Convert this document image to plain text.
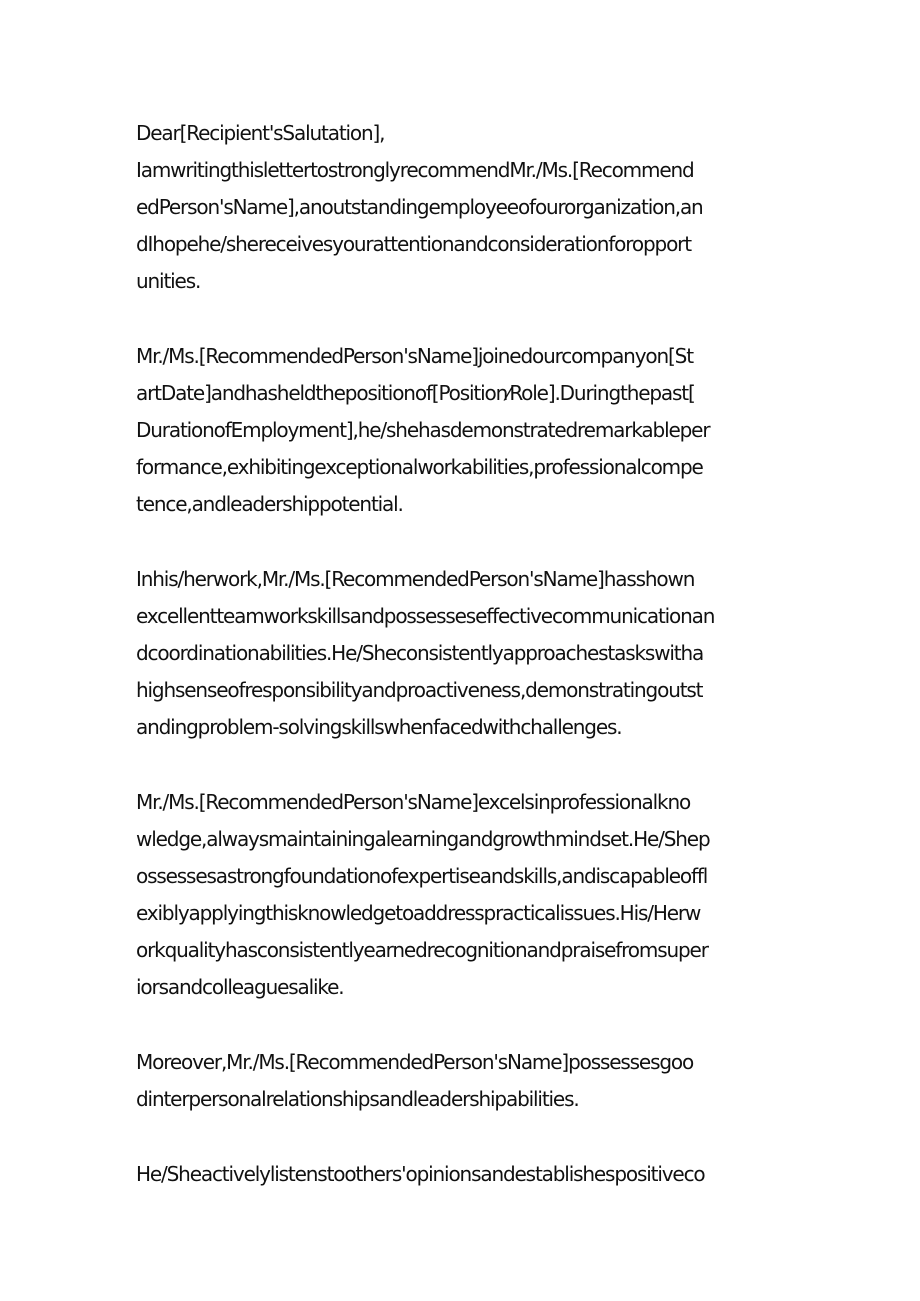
Dear[Recipient'sSalutation],
IamwritingthislettertostronglyrecommendMr./Ms.[Recommend
edPerson'sName],anoutstandingemployeeofourorganization,an
dIhopehe/shereceivesyourattentionandconsiderationforopport
unities.
Mr./Ms.[RecommendedPerson'sName]joinedourcompanyon[St
artDate]andhasheldthepositionof[Position⁄Role].Duringthepast[
DurationofEmployment],he/shehasdemonstratedremarkableper
formance,exhibitingexceptionalworkabilities,professionalcompe
tence,andleadershippotential.
Inhis/herwork,Mr./Ms.[RecommendedPerson'sName]hasshown
excellentteamworkskillsandpossesseseffectivecommunicationan
dcoordinationabilities.He/Sheconsistentlyapproachestaskswitha
highsenseofresponsibilityandproactiveness,demonstratingoutst
andingproblem-solvingskillswhenfacedwithchallenges.
Mr./Ms.[RecommendedPerson'sName]excelsinprofessionalkno
wledge,alwaysmaintainingalearningandgrowthmindset.He/Shep
ossessesastrongfoundationofexpertiseandskills,andiscapableoffl
exiblyapplyingthisknowledgetoaddresspracticalissues.His/Herw
orkqualityhasconsistentlyearnedrecognitionandpraisefromsuper
iorsandcolleaguesalike.
Moreover,Mr./Ms.[RecommendedPerson'sName]possessesgoo
dinterpersonalrelationshipsandleadershipabilities.
He/Sheactivelylistenstoothers'opinionsandestablishespositiveco
